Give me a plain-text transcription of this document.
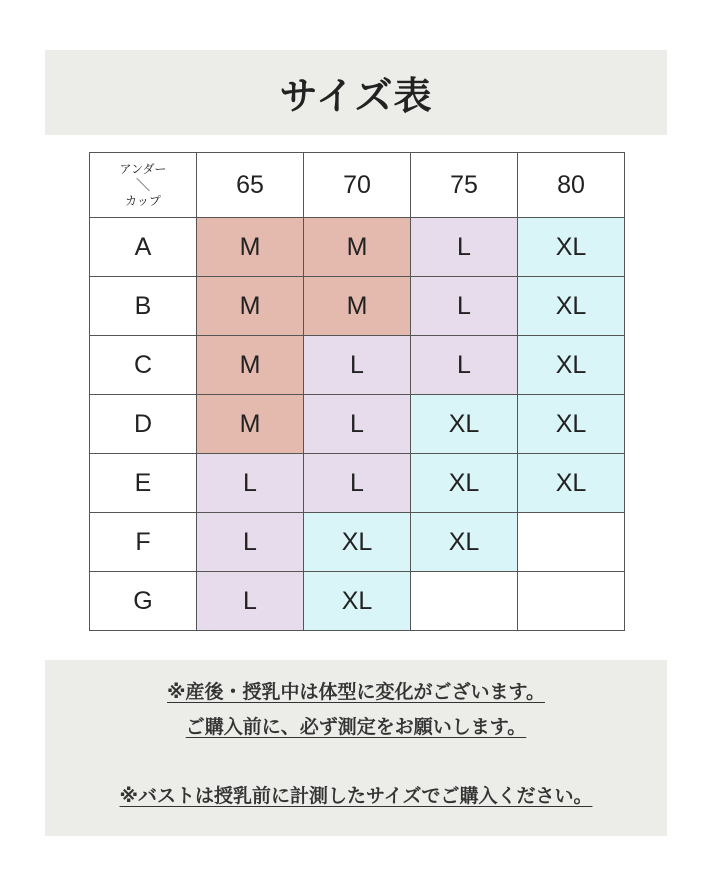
サイズ表
アンダー
＼
カップ	65	70	75	80
A	M	M	L	XL
B	M	M	L	XL
C	M	L	L	XL
D	M	L	XL	XL
E	L	L	XL	XL
F	L	XL	XL	
G	L	XL		
※産後・授乳中は体型に変化がございます。
ご購入前に、必ず測定をお願いします。
※バストは授乳前に計測したサイズでご購入ください。
